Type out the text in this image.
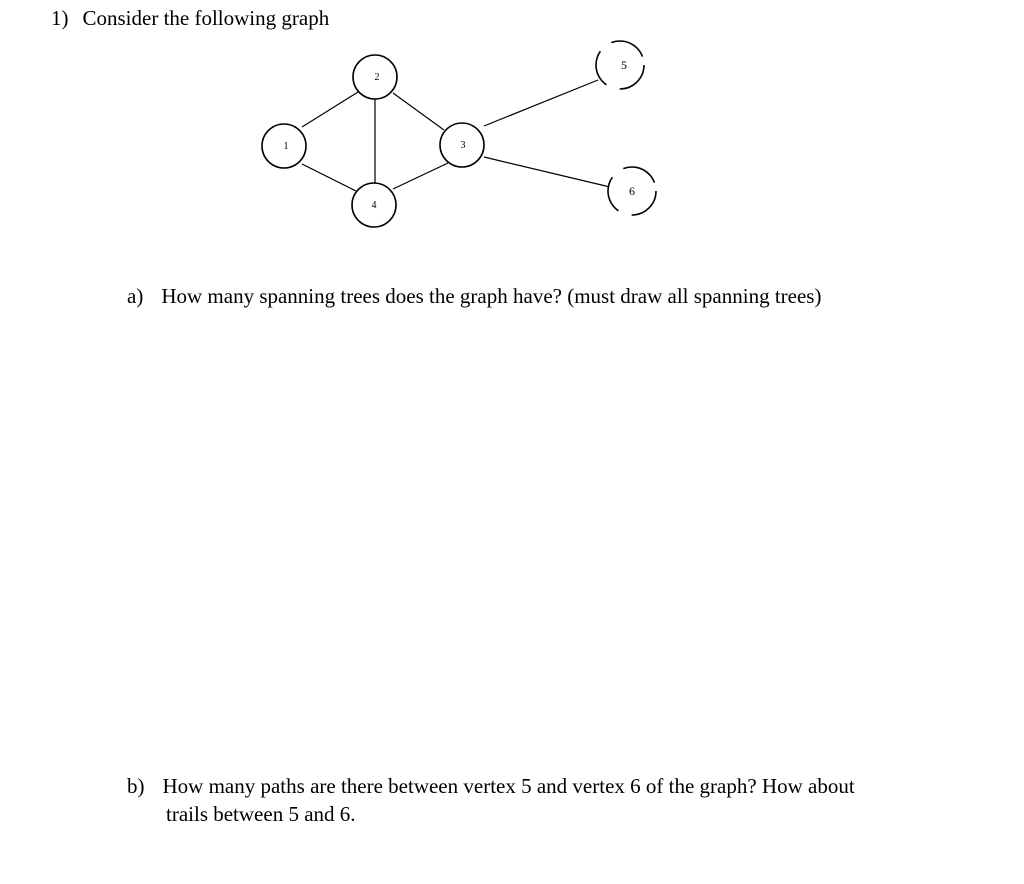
1) Consider the following graph
1
2
3
4
5
6
a) How many spanning trees does the graph have? (must draw all spanning trees)
b) How many paths are there between vertex 5 and vertex 6 of the graph? How about
trails between 5 and 6.
